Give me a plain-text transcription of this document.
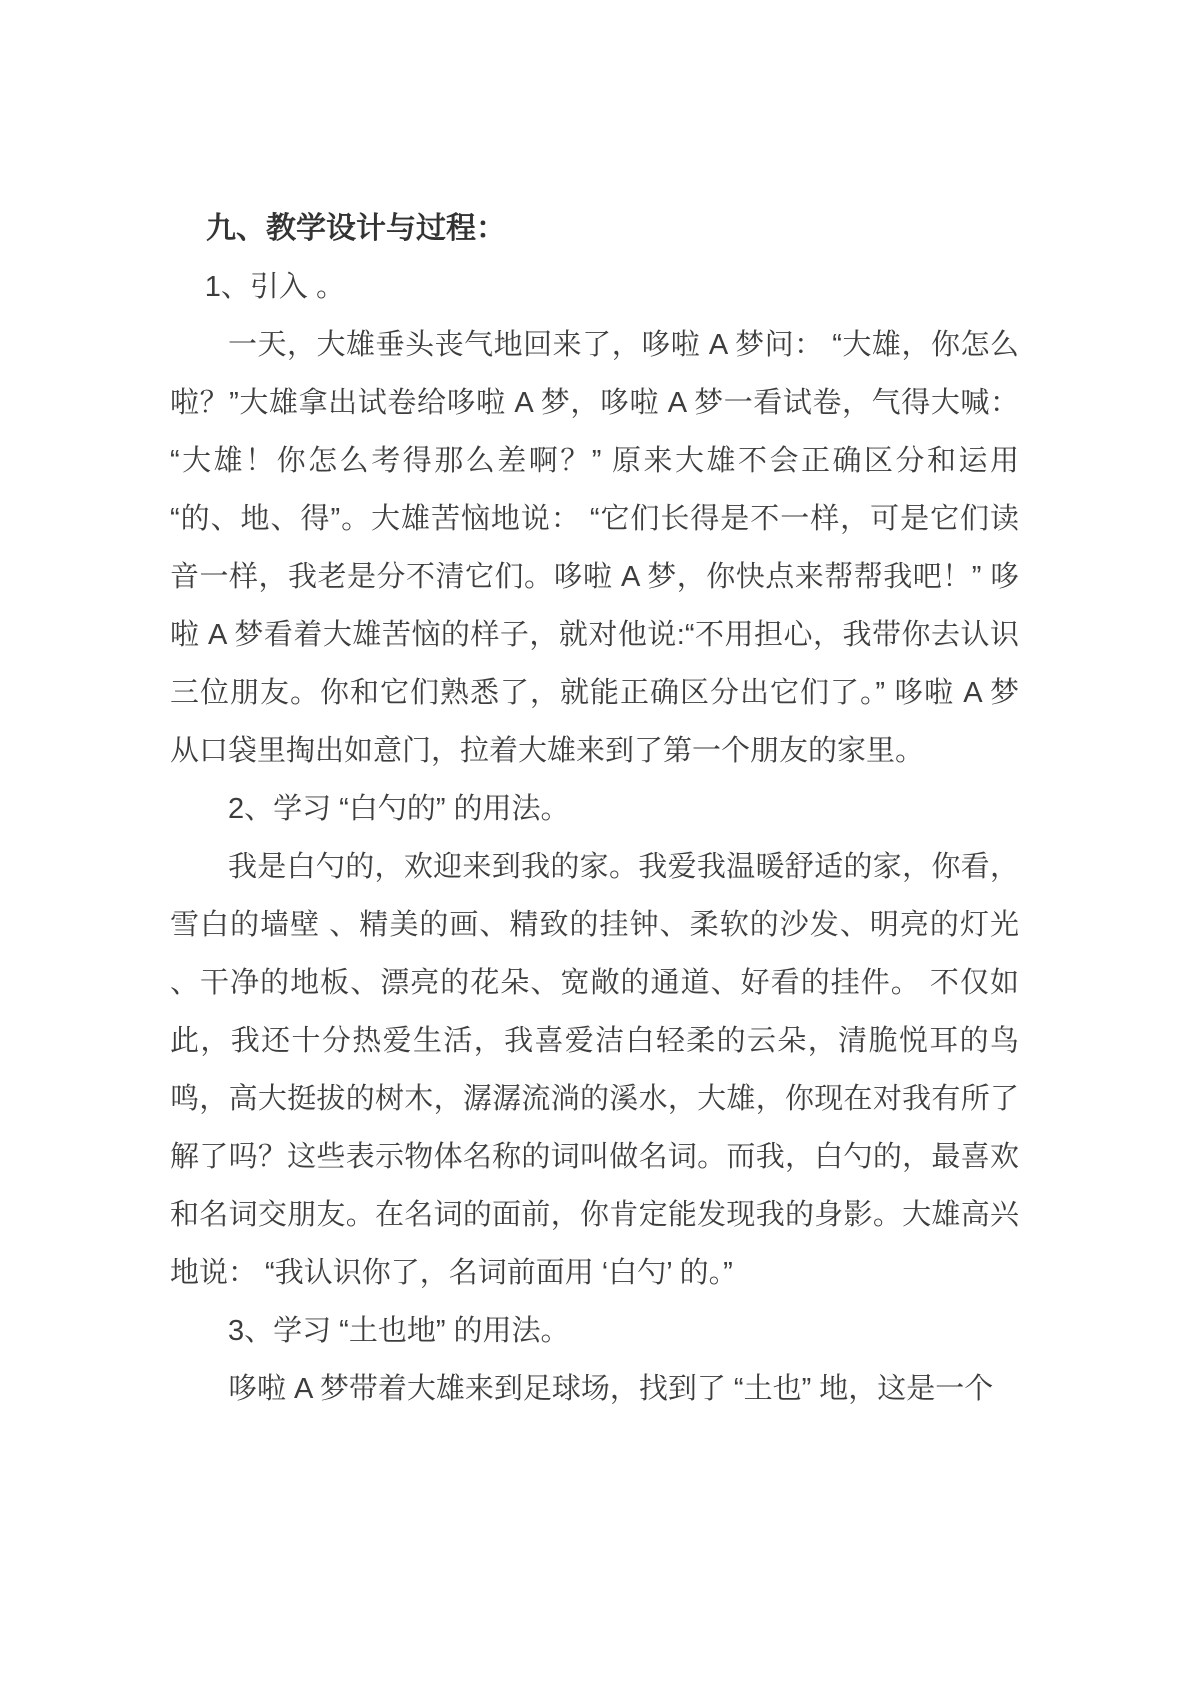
九、教学设计与过程：

1、引入 。

一天，大雄垂头丧气地回来了，哆啦 A 梦问： “大雄，你怎么啦？”大雄拿出试卷给哆啦 A 梦，哆啦 A 梦一看试卷，气得大喊： “大雄！你怎么考得那么差啊？” 原来大雄不会正确区分和运用 “的、地、得”。大雄苦恼地说： “它们长得是不一样，可是它们读音一样，我老是分不清它们。哆啦 A 梦，你快点来帮帮我吧！” 哆啦 A 梦看着大雄苦恼的样子，就对他说:“不用担心，我带你去认识三位朋友。你和它们熟悉了，就能正确区分出它们了。” 哆啦 A 梦从口袋里掏出如意门，拉着大雄来到了第一个朋友的家里。

2、学习 “白勺的” 的用法。

我是白勺的，欢迎来到我的家。我爱我温暖舒适的家，你看，雪白的墙壁 、精美的画、精致的挂钟、柔软的沙发、明亮的灯光 、干净的地板、漂亮的花朵、宽敞的通道、好看的挂件。 不仅如此，我还十分热爱生活，我喜爱洁白轻柔的云朵，清脆悦耳的鸟鸣，高大挺拔的树木，潺潺流淌的溪水，大雄，你现在对我有所了解了吗？这些表示物体名称的词叫做名词。而我，白勺的，最喜欢和名词交朋友。在名词的面前，你肯定能发现我的身影。大雄高兴地说： “我认识你了，名词前面用 ‘白勺’ 的。”

3、学习 “土也地” 的用法。

哆啦 A 梦带着大雄来到足球场，找到了 “土也” 地，这是一个
